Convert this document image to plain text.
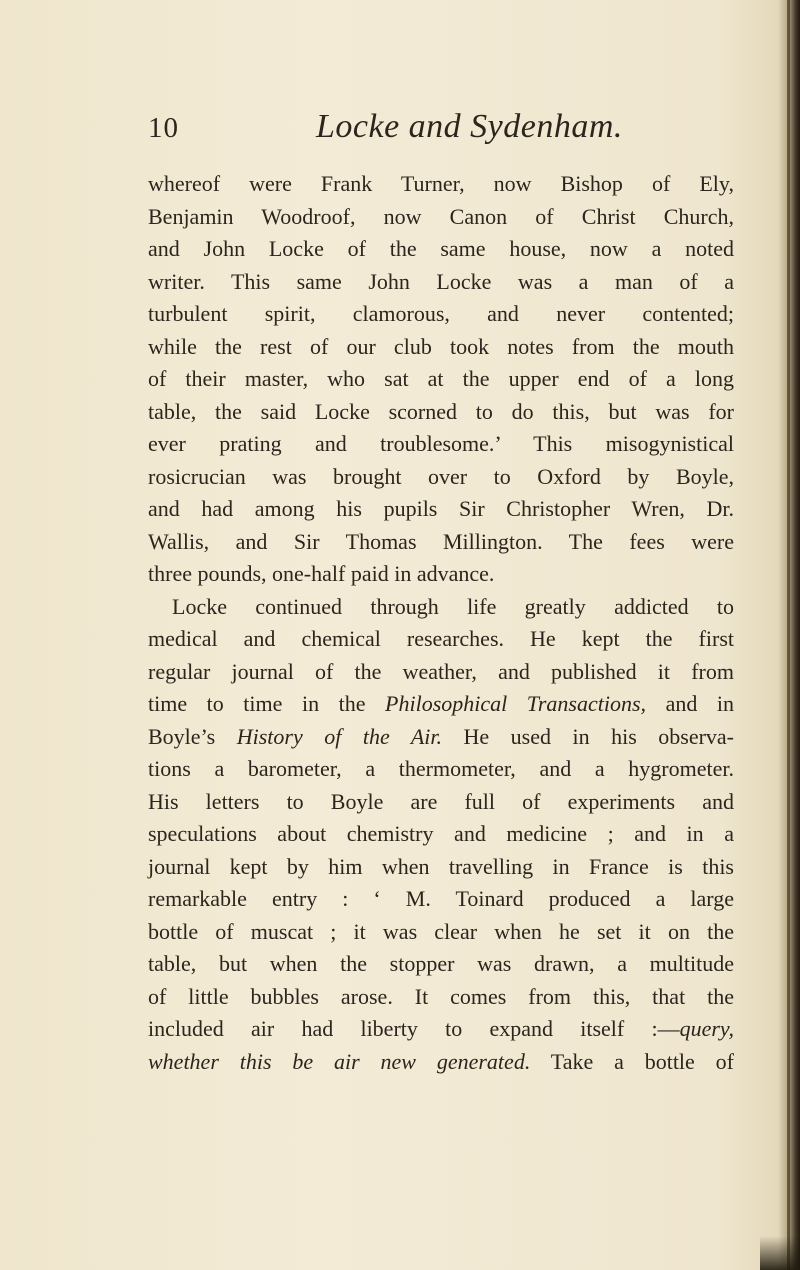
10	Locke and Sydenham.
whereof were Frank Turner, now Bishop of Ely,
Benjamin Woodroof, now Canon of Christ Church,
and John Locke of the same house, now a noted
writer. This same John Locke was a man of a
turbulent spirit, clamorous, and never contented;
while the rest of our club took notes from the mouth
of their master, who sat at the upper end of a long
table, the said Locke scorned to do this, but was for
ever prating and troublesome.’ This misogynistical
rosicrucian was brought over to Oxford by Boyle,
and had among his pupils Sir Christopher Wren, Dr.
Wallis, and Sir Thomas Millington. The fees were
three pounds, one-half paid in advance.
Locke continued through life greatly addicted to
medical and chemical researches. He kept the first
regular journal of the weather, and published it from
time to time in the Philosophical Transactions, and in
Boyle’s History of the Air. He used in his observa-
tions a barometer, a thermometer, and a hygrometer.
His letters to Boyle are full of experiments and
speculations about chemistry and medicine ; and in a
journal kept by him when travelling in France is this
remarkable entry : ‘ M. Toinard produced a large
bottle of muscat ; it was clear when he set it on the
table, but when the stopper was drawn, a multitude
of little bubbles arose. It comes from this, that the
included air had liberty to expand itself :—query,
whether this be air new generated. Take a bottle of
